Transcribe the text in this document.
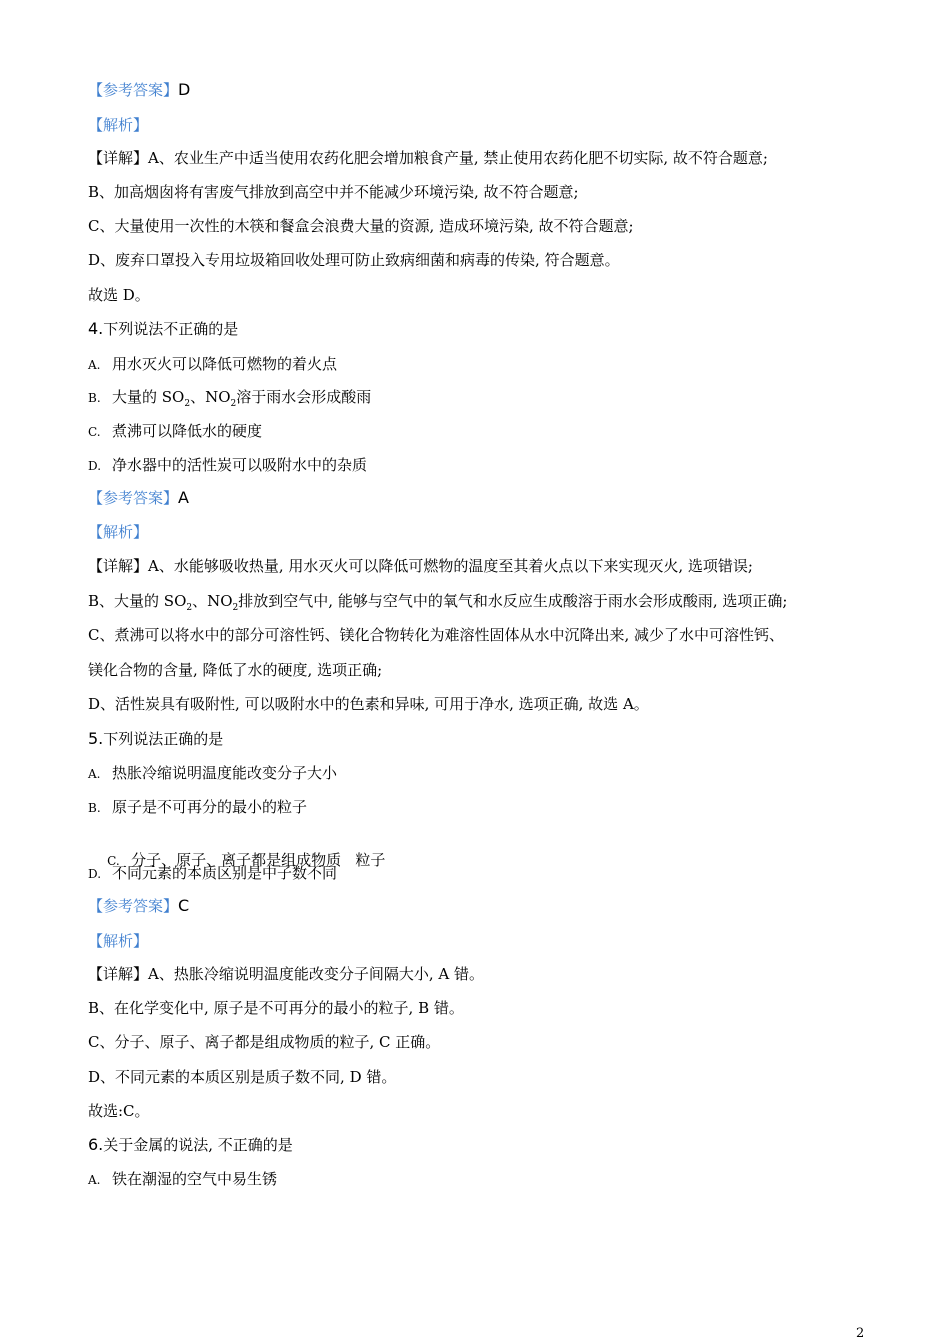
【参考答案】D
【解析】
【详解】A、农业生产中适当使用农药化肥会增加粮食产量, 禁止使用农药化肥不切实际, 故不符合题意;
B、加高烟囱将有害废气排放到高空中并不能减少环境污染, 故不符合题意;
C、大量使用一次性的木筷和餐盒会浪费大量的资源, 造成环境污染, 故不符合题意;
D、废弃口罩投入专用垃圾箱回收处理可防止致病细菌和病毒的传染, 符合题意。
故选 D。
4.下列说法不正确的是
A. 用水灭火可以降低可燃物的着火点
B. 大量的 $SO_2$、$NO_2$溶于雨水会形成酸雨
C. 煮沸可以降低水的硬度
D. 净水器中的活性炭可以吸附水中的杂质
【参考答案】A
【解析】
【详解】A、水能够吸收热量, 用水灭火可以降低可燃物的温度至其着火点以下来实现灭火, 选项错误;
B、大量的 $SO_2$、$NO_2$排放到空气中, 能够与空气中的氧气和水反应生成酸溶于雨水会形成酸雨, 选项正确;
C、煮沸可以将水中的部分可溶性钙、镁化合物转化为难溶性固体从水中沉降出来, 减少了水中可溶性钙、
镁化合物的含量, 降低了水的硬度, 选项正确;
D、活性炭具有吸附性, 可以吸附水中的色素和异味, 可用于净水, 选项正确, 故选 A。
5.下列说法正确的是
A. 热胀冷缩说明温度能改变分子大小
B. 原子是不可再分的最小的粒子

C. 分子、原子、离子都是组成物质   粒子

D. 不同元素的本质区别是中子数不同
【参考答案】C
【解析】
【详解】A、热胀冷缩说明温度能改变分子间隔大小, A 错。
B、在化学变化中, 原子是不可再分的最小的粒子, B 错。
C、分子、原子、离子都是组成物质的粒子, C 正确。
D、不同元素的本质区别是质子数不同, D 错。
故选:C。
6.关于金属的说法, 不正确的是
A. 铁在潮湿的空气中易生锈
2
